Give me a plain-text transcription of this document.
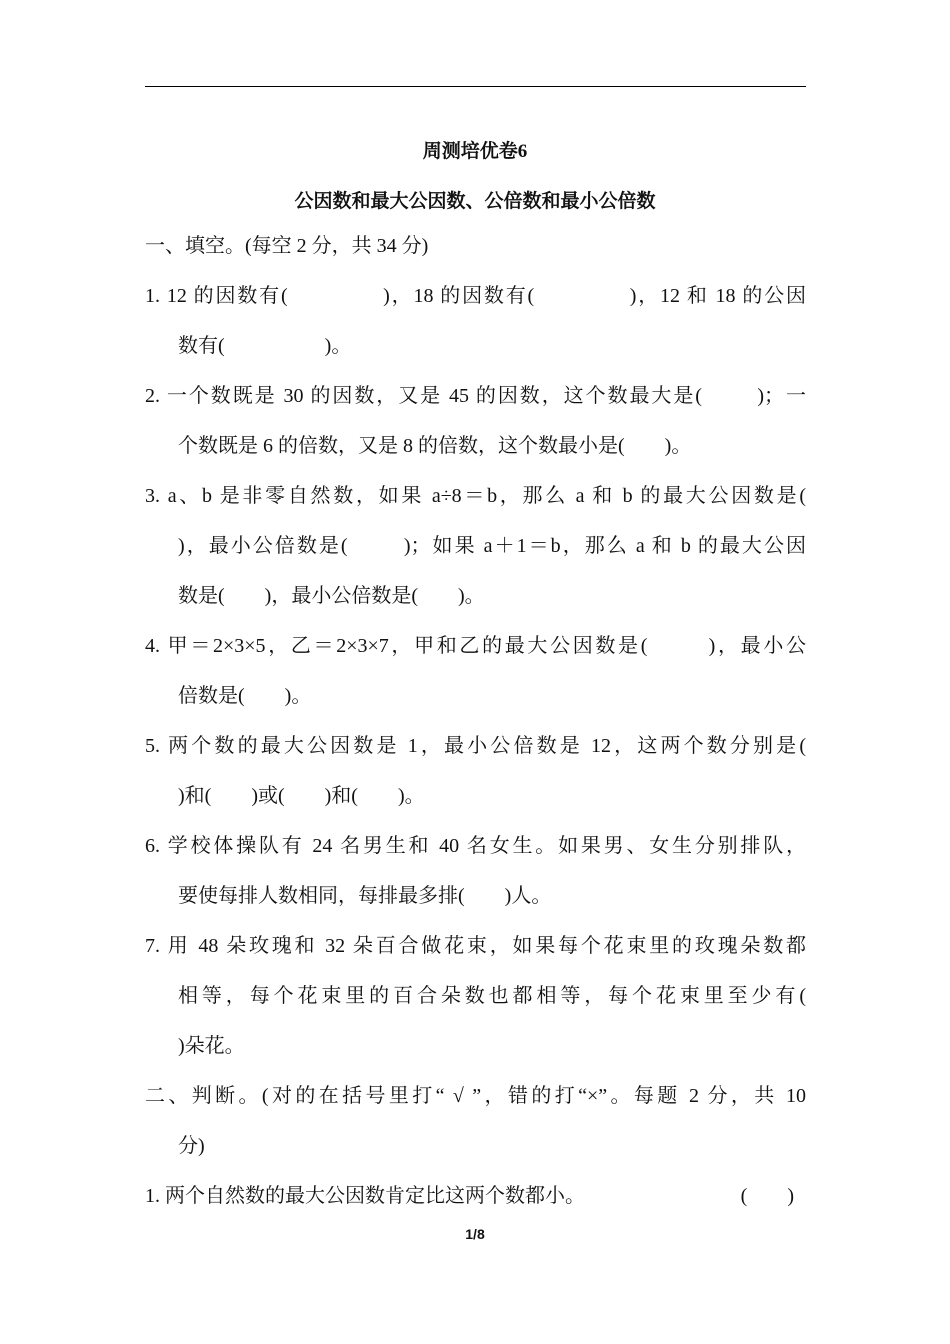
周测培优卷6
公因数和最大公因数、公倍数和最小公倍数
一、填空。(每空 2 分，共 34 分)
1. 12 的因数有(              )，18 的因数有(              )，12 和 18 的公因
数有(                    )。
2. 一个数既是 30 的因数，又是 45 的因数，这个数最大是(        )；一
个数既是 6 的倍数，又是 8 的倍数，这个数最小是(        )。
3. a、b 是非零自然数，如果 a÷8＝b，那么 a 和 b 的最大公因数是(
)，最小公倍数是(        )；如果 a＋1＝b，那么 a 和 b 的最大公因
数是(        )，最小公倍数是(        )。
4. 甲＝2×3×5，乙＝2×3×7，甲和乙的最大公因数是(        )，最小公
倍数是(        )。
5. 两个数的最大公因数是 1，最小公倍数是 12，这两个数分别是(
)和(        )或(        )和(        )。
6. 学校体操队有 24 名男生和 40 名女生。如果男、女生分别排队，
要使每排人数相同，每排最多排(        )人。
7. 用 48 朵玫瑰和 32 朵百合做花束，如果每个花束里的玫瑰朵数都
相等，每个花束里的百合朵数也都相等，每个花束里至少有(
)朵花。
二、判断。(对的在括号里打“ √ ”，错的打“×”。每题 2 分，共 10
分)
1. 两个自然数的最大公因数肯定比这两个数都小。	(        )
1/8
